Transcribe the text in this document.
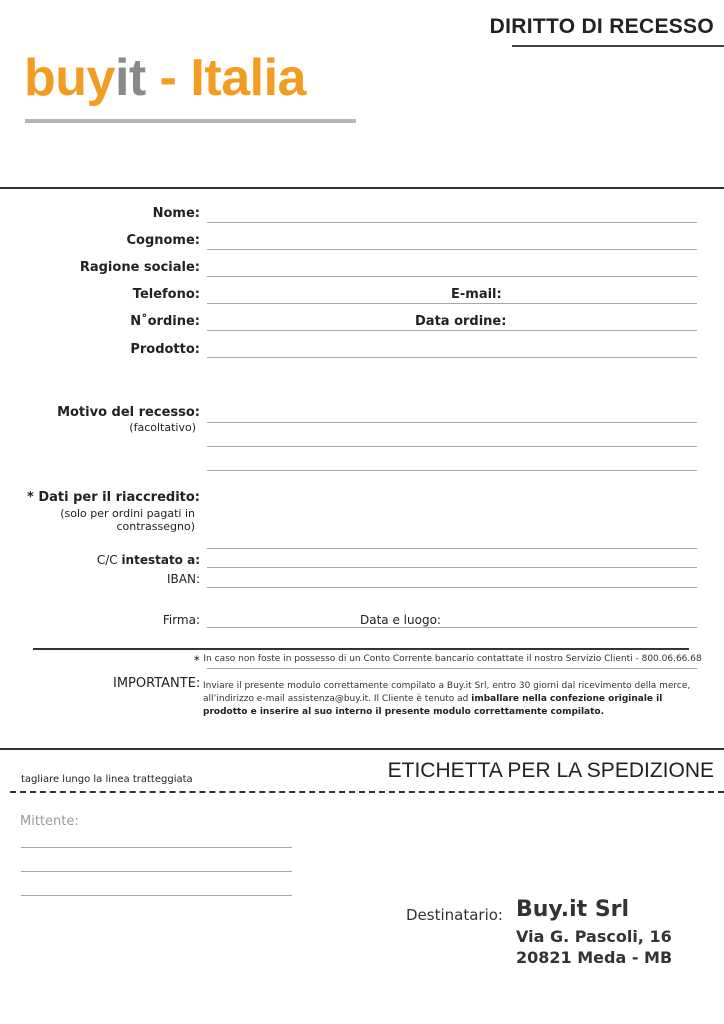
DIRITTO DI RECESSO
buyit - Italia
Nome:
Cognome:
Ragione sociale:
Telefono:	E-mail:
N˚ordine:	Data ordine:
Prodotto:
Motivo del recesso:
(facoltativo)
* Dati per il riaccredito:
(solo per ordini pagati in
contrassegno)
C/C intestato a:
IBAN:
Firma:	Data e luogo:
∗ In caso non foste in possesso di un Conto Corrente bancario contattate il nostro Servizio Clienti - 800.06.66.68
IMPORTANTE: Inviare il presente modulo correttamente compilato a Buy.it Srl, entro 30 giorni dal ricevimento della merce, all’indirizzo e-mail assistenza@buy.it. Il Cliente è tenuto ad imballare nella confezione originale il prodotto e inserire al suo interno il presente modulo correttamente compilato.
tagliare lungo la linea tratteggiata	ETICHETTA PER LA SPEDIZIONE
Mittente:
Destinatario: Buy.it Srl
Via G. Pascoli, 16
20821 Meda - MB
